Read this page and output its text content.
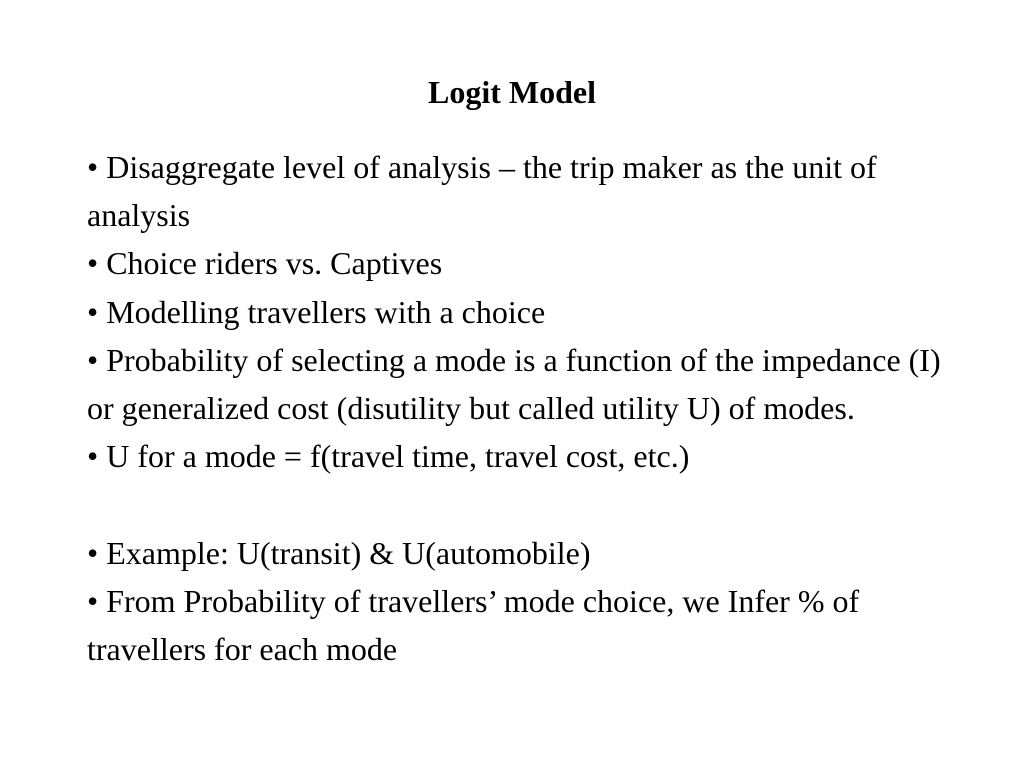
Logit Model

• Disaggregate level of analysis – the trip maker as the unit of analysis

• Choice riders vs. Captives

• Modelling travellers with a choice

• Probability of selecting a mode is a function of the impedance (I) or generalized cost (disutility but called utility U) of modes.

• U for a mode = f(travel time, travel cost, etc.)

• Example: U(transit) & U(automobile)

• From Probability of travellers’ mode choice, we Infer % of travellers for each mode
